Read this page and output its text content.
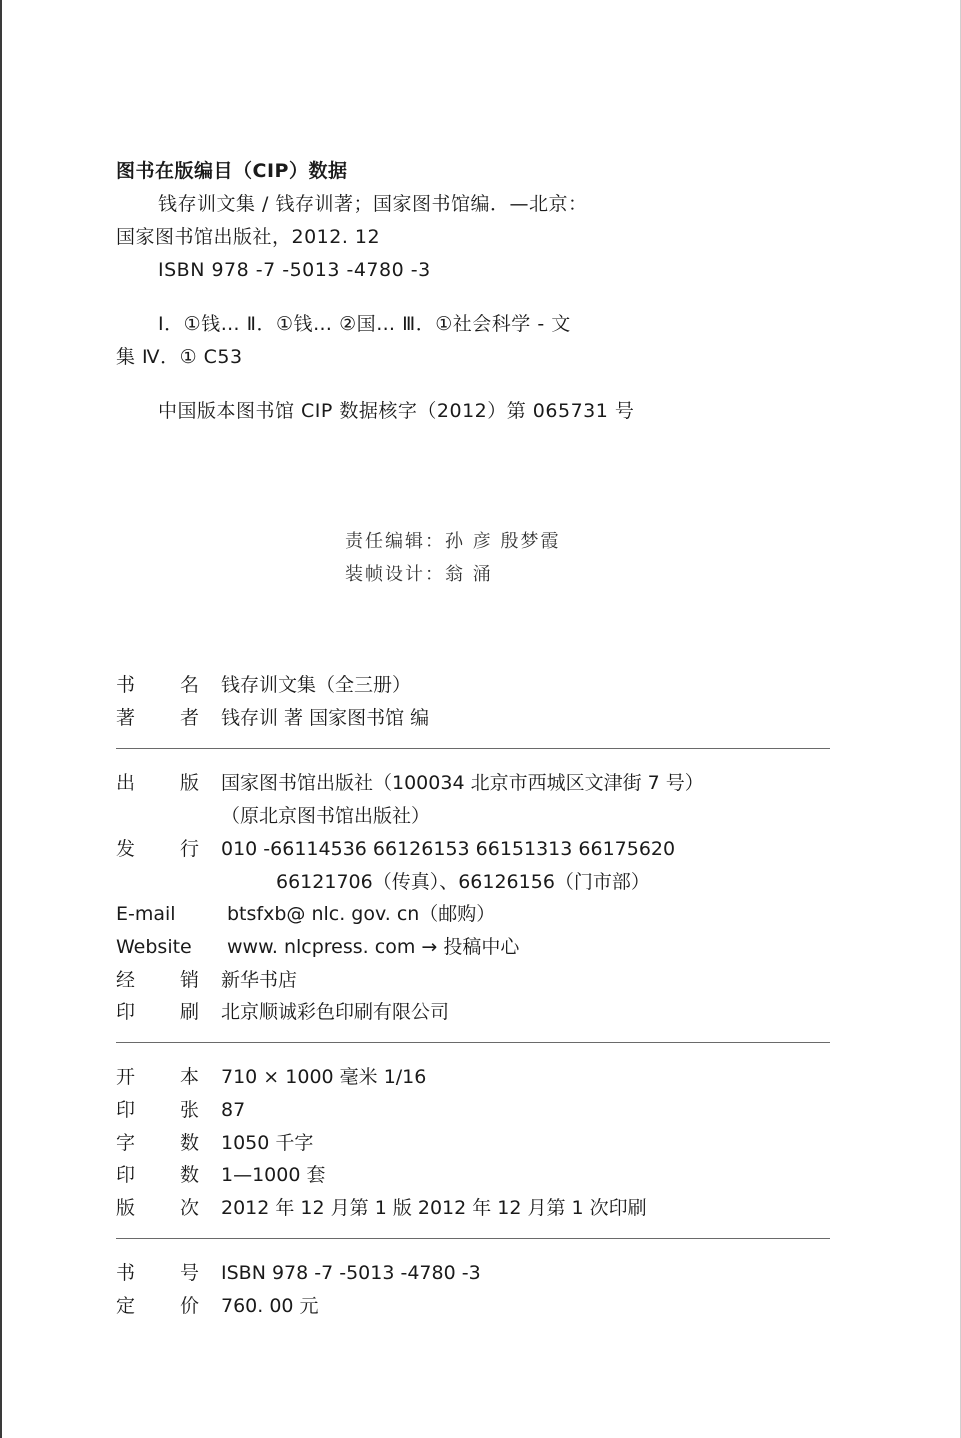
图书在版编目（CIP）数据
钱存训文集 / 钱存训著；国家图书馆编．—北京：
国家图书馆出版社，2012. 12
ISBN 978 -7 -5013 -4780 -3
Ⅰ．①钱… Ⅱ．①钱… ②国… Ⅲ．①社会科学 - 文
集 Ⅳ．① C53
中国版本图书馆 CIP 数据核字（2012）第 065731 号
责任编辑：孙 彦 殷梦霞
装帧设计：翁 涌
书 名 钱存训文集（全三册）
著 者 钱存训 著 国家图书馆 编
出 版 国家图书馆出版社（100034 北京市西城区文津街 7 号）
（原北京图书馆出版社）
发 行 010 -66114536 66126153 66151313 66175620
66121706（传真）、66126156（门市部）
E-mail	btsfxb@ nlc. gov. cn（邮购）
Website www. nlcpress. com → 投稿中心
经 销 新华书店
印 刷 北京顺诚彩色印刷有限公司
开 本 710 × 1000 毫米 1/16
印 张 87
字 数 1050 千字
印 数 1—1000 套
版 次 2012 年 12 月第 1 版 2012 年 12 月第 1 次印刷
书 号 ISBN 978 -7 -5013 -4780 -3
定 价 760. 00 元
